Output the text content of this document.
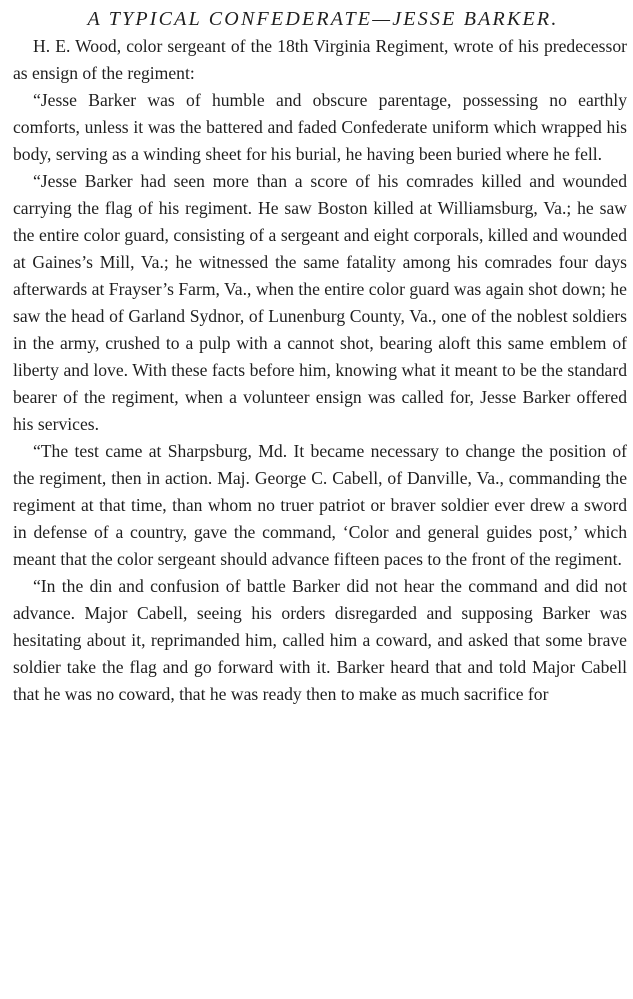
A TYPICAL CONFEDERATE—JESSE BARKER.

H. E. Wood, color sergeant of the 18th Virginia Regiment, wrote of his predecessor as ensign of the regiment:

“Jesse Barker was of humble and obscure parentage, possessing no earthly comforts, unless it was the battered and faded Confederate uniform which wrapped his body, serving as a winding sheet for his burial, he having been buried where he fell.

“Jesse Barker had seen more than a score of his comrades killed and wounded carrying the flag of his regiment. He saw Boston killed at Williamsburg, Va.; he saw the entire color guard, consisting of a sergeant and eight corporals, killed and wounded at Gaines’s Mill, Va.; he witnessed the same fatality among his comrades four days afterwards at Frayser’s Farm, Va., when the entire color guard was again shot down; he saw the head of Garland Sydnor, of Lunenburg County, Va., one of the noblest soldiers in the army, crushed to a pulp with a cannot shot, bearing aloft this same emblem of liberty and love. With these facts before him, knowing what it meant to be the standard bearer of the regiment, when a volunteer ensign was called for, Jesse Barker offered his services.

“The test came at Sharpsburg, Md. It became necessary to change the position of the regiment, then in action. Maj. George C. Cabell, of Danville, Va., commanding the regiment at that time, than whom no truer patriot or braver soldier ever drew a sword in defense of a country, gave the command, ‘Color and general guides post,’ which meant that the color sergeant should advance fifteen paces to the front of the regiment.

“In the din and confusion of battle Barker did not hear the command and did not advance. Major Cabell, seeing his orders disregarded and supposing Barker was hesitating about it, reprimanded him, called him a coward, and asked that some brave soldier take the flag and go forward with it. Barker heard that and told Major Cabell that he was no coward, that he was ready then to make as much sacrifice for
